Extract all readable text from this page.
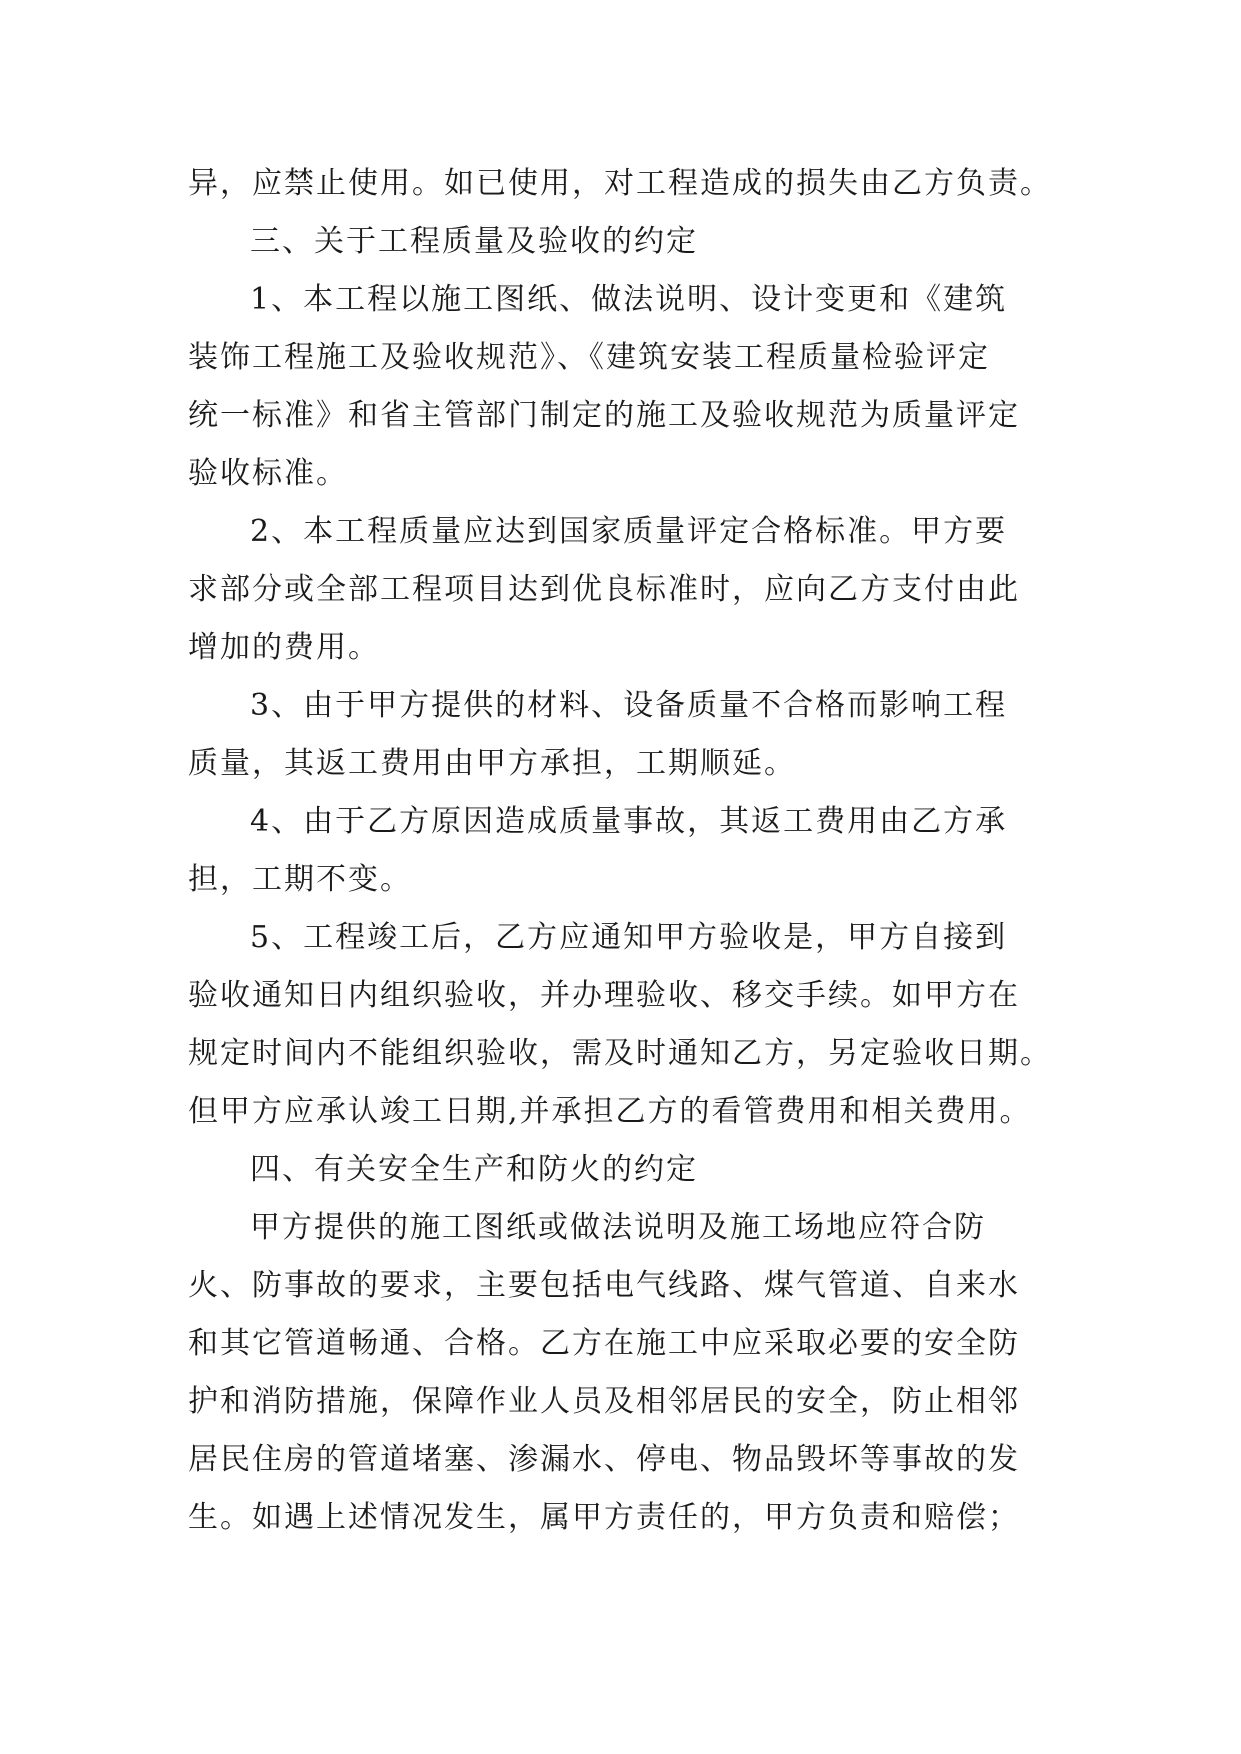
异，应禁止使用。如已使用，对工程造成的损失由乙方负责。
三、关于工程质量及验收的约定
1、本工程以施工图纸、做法说明、设计变更和《建筑
装饰工程施工及验收规范》、《建筑安装工程质量检验评定
统一标准》和省主管部门制定的施工及验收规范为质量评定
验收标准。
2、本工程质量应达到国家质量评定合格标准。甲方要
求部分或全部工程项目达到优良标准时，应向乙方支付由此
增加的费用。
3、由于甲方提供的材料、设备质量不合格而影响工程
质量，其返工费用由甲方承担，工期顺延。
4、由于乙方原因造成质量事故，其返工费用由乙方承
担，工期不变。
5、工程竣工后，乙方应通知甲方验收是，甲方自接到
验收通知日内组织验收，并办理验收、移交手续。如甲方在
规定时间内不能组织验收，需及时通知乙方，另定验收日期。
但甲方应承认竣工日期,并承担乙方的看管费用和相关费用。
四、有关安全生产和防火的约定
甲方提供的施工图纸或做法说明及施工场地应符合防
火、防事故的要求，主要包括电气线路、煤气管道、自来水
和其它管道畅通、合格。乙方在施工中应采取必要的安全防
护和消防措施，保障作业人员及相邻居民的安全，防止相邻
居民住房的管道堵塞、渗漏水、停电、物品毁坏等事故的发
生。如遇上述情况发生，属甲方责任的，甲方负责和赔偿；
